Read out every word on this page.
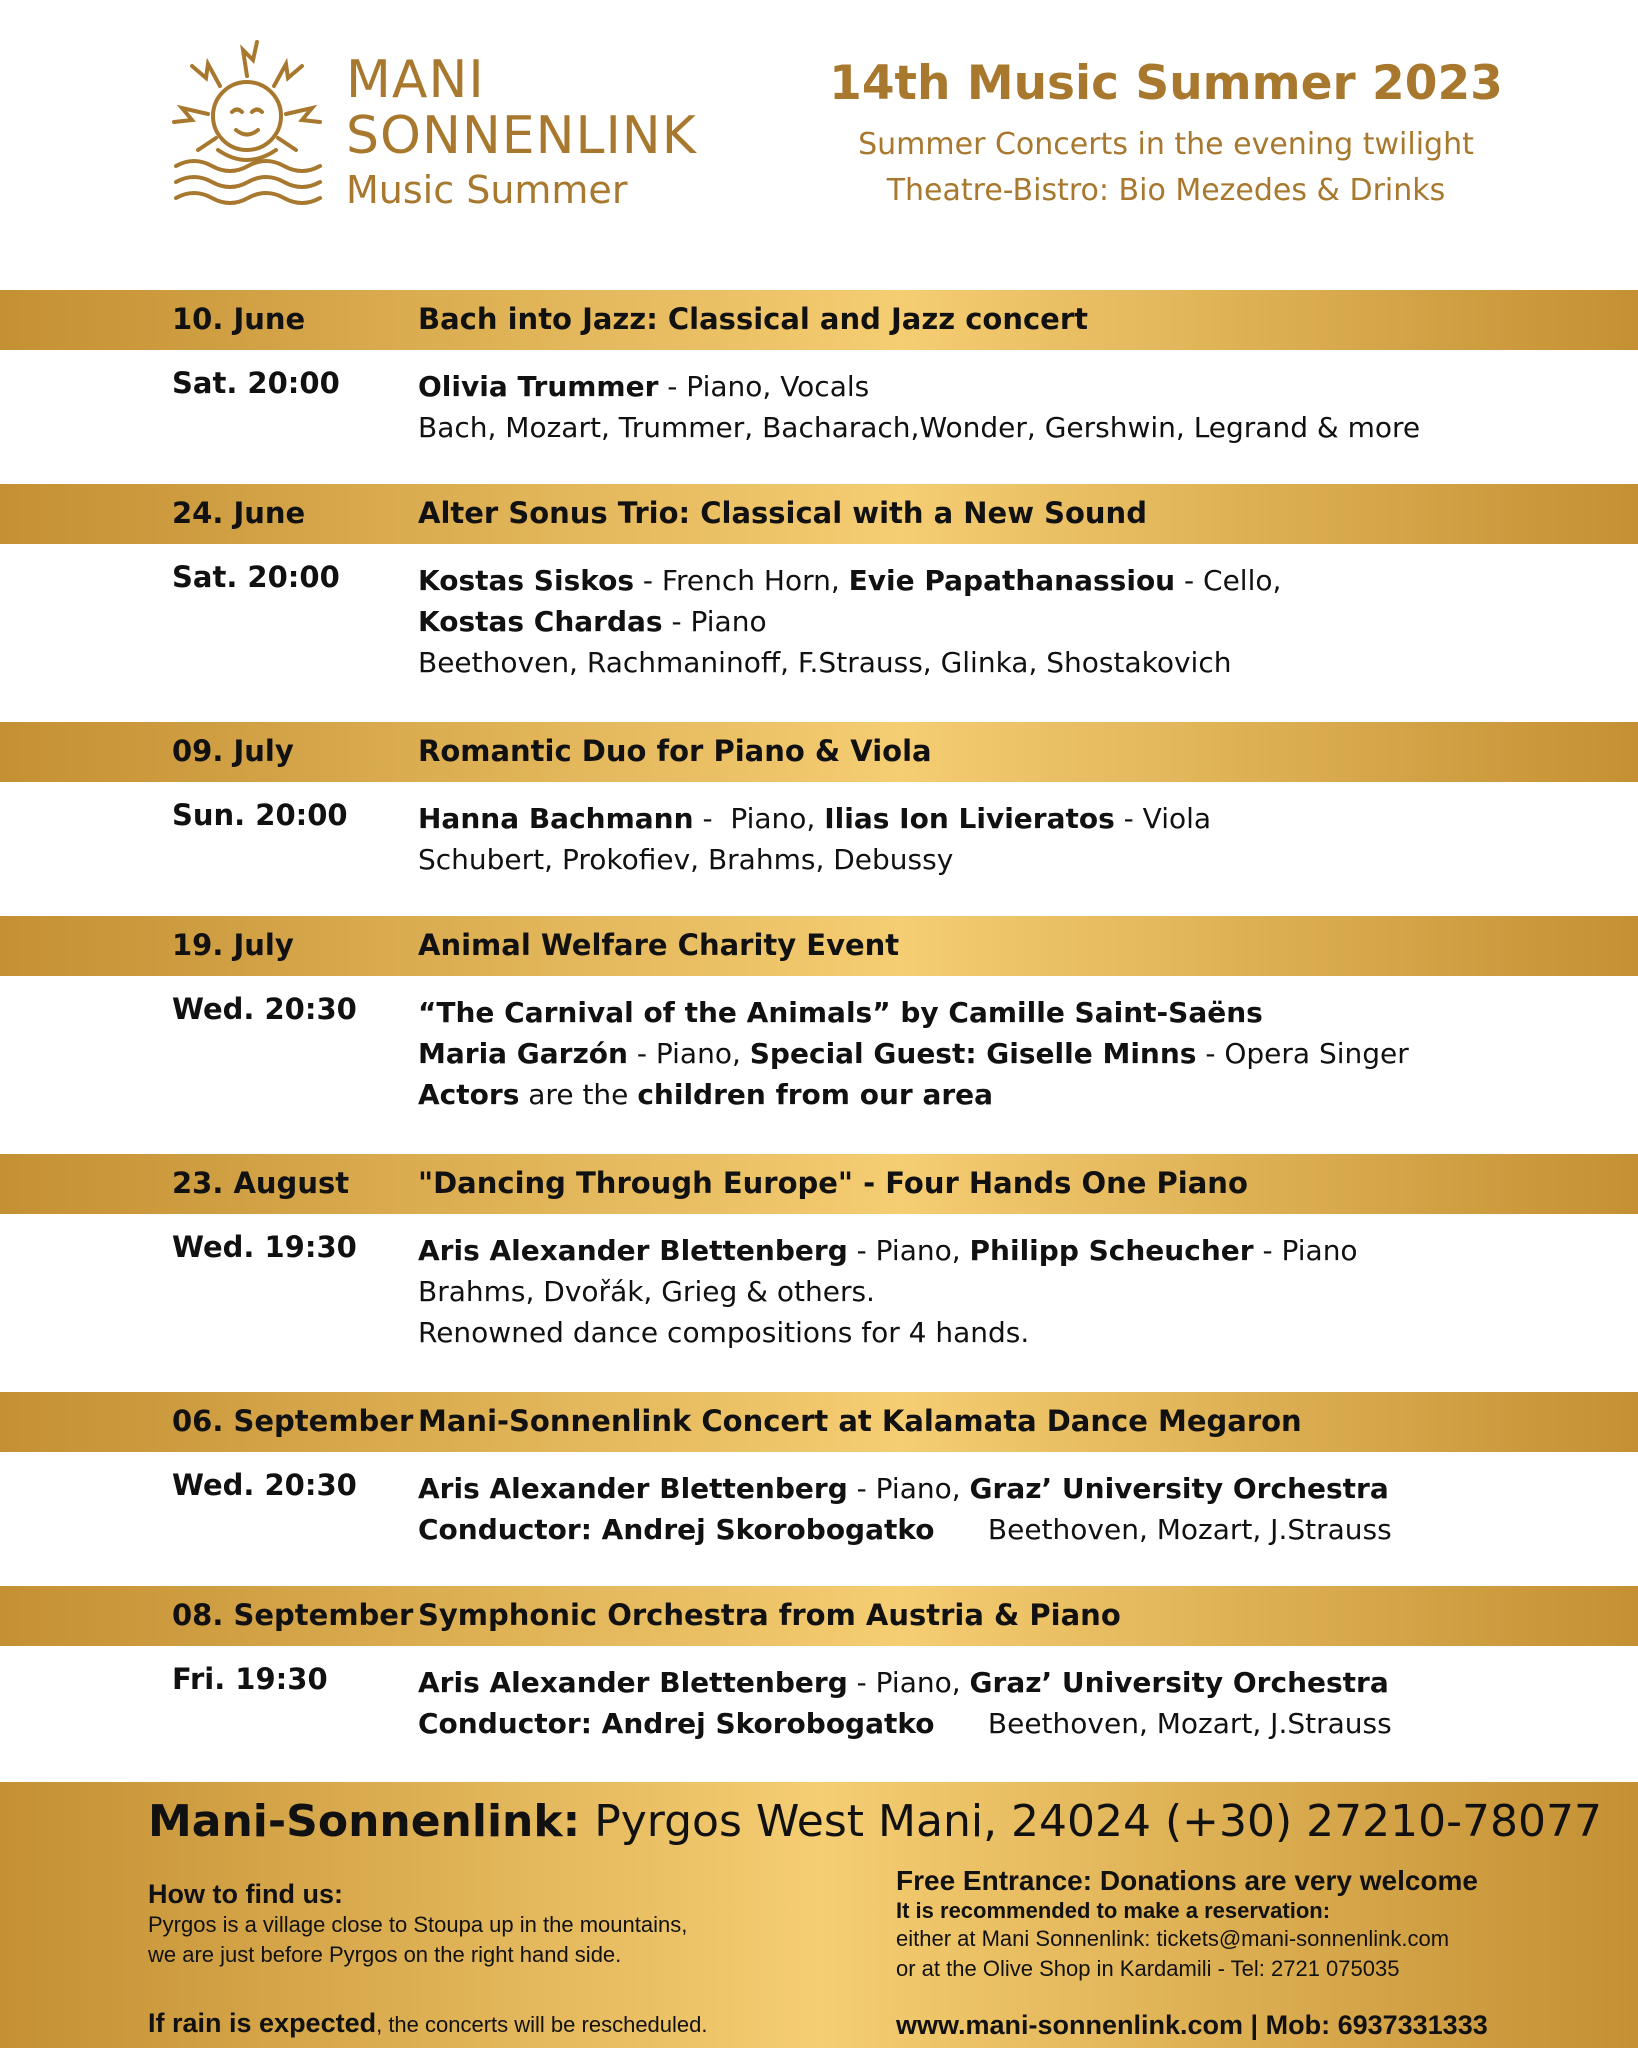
MANI
SONNENLINK
Music Summer
14th Music Summer 2023
Summer Concerts in the evening twilight
Theatre-Bistro: Bio Mezedes & Drinks
10. June	Bach into Jazz: Classical and Jazz concert
Sat. 20:00	Olivia Trummer - Piano, Vocals
Bach, Mozart, Trummer, Bacharach,Wonder, Gershwin, Legrand & more
24. June	Alter Sonus Trio: Classical with a New Sound
Sat. 20:00	Kostas Siskos - French Horn, Evie Papathanassiou - Cello,
Kostas Chardas - Piano
Beethoven, Rachmaninoff, F.Strauss, Glinka, Shostakovich
09. July	Romantic Duo for Piano & Viola
Sun. 20:00	Hanna Bachmann -  Piano, Ilias Ion Livieratos - Viola
Schubert, Prokofiev, Brahms, Debussy
19. July	Animal Welfare Charity Event
Wed. 20:30 “The Carnival of the Animals” by Camille Saint-Saëns
Maria Garzón - Piano, Special Guest: Giselle Minns - Opera Singer
Actors are the children from our area
23. August "Dancing Through Europe" - Four Hands One Piano
Wed. 19:30 Aris Alexander Blettenberg - Piano, Philipp Scheucher - Piano
Brahms, Dvořák, Grieg & others.
Renowned dance compositions for 4 hands.
06. September Mani-Sonnenlink Concert at Kalamata Dance Megaron
Wed. 20:30 Aris Alexander Blettenberg - Piano, Graz’ University Orchestra
Conductor: Andrej Skorobogatko      Beethoven, Mozart, J.Strauss
08. September Symphonic Orchestra from Austria & Piano
Fri. 19:30	Aris Alexander Blettenberg - Piano, Graz’ University Orchestra
Conductor: Andrej Skorobogatko      Beethoven, Mozart, J.Strauss
Mani-Sonnenlink: Pyrgos West Mani, 24024 (+30) 27210-78077
How to find us:
Pyrgos is a village close to Stoupa up in the mountains,
we are just before Pyrgos on the right hand side.
If rain is expected, the concerts will be rescheduled.
Free Entrance: Donations are very welcome
It is recommended to make a reservation:
either at Mani Sonnenlink: tickets@mani-sonnenlink.com
or at the Olive Shop in Kardamili - Tel: 2721 075035
www.mani-sonnenlink.com | Mob: 6937331333
